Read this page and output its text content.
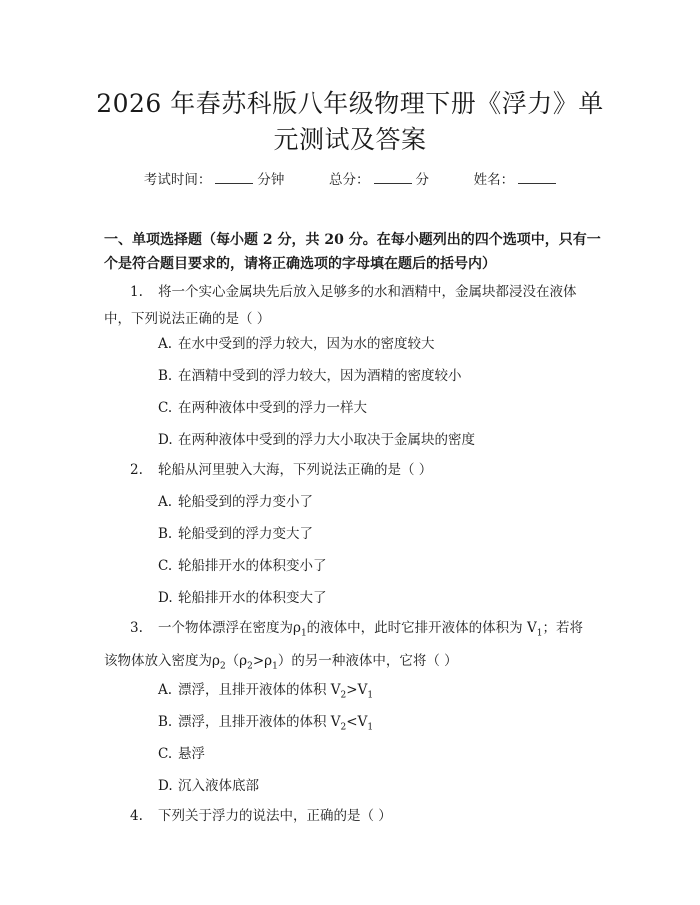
2026 年春苏科版八年级物理下册《浮力》单
元测试及答案
考试时间：	分钟	总分：	分	姓名：
一、单项选择题（每小题 2 分，共 20 分。在每小题列出的四个选项中，只有一个是符合题目要求的，请将正确选项的字母填在题后的括号内）
1. 将一个实心金属块先后放入足够多的水和酒精中，金属块都浸没在液体
中，下列说法正确的是（ ）
A. 在水中受到的浮力较大，因为水的密度较大
B. 在酒精中受到的浮力较大，因为酒精的密度较小
C. 在两种液体中受到的浮力一样大
D. 在两种液体中受到的浮力大小取决于金属块的密度
2. 轮船从河里驶入大海，下列说法正确的是（ ）
A. 轮船受到的浮力变小了
B. 轮船受到的浮力变大了
C. 轮船排开水的体积变小了
D. 轮船排开水的体积变大了
3. 一个物体漂浮在密度为$\rho_1$的液体中，此时它排开液体的体积为 $V_1$；若将
该物体放入密度为$\rho_2(\rho_2>\rho_1)$的另一种液体中，它将（ ）
A. 漂浮，且排开液体的体积 $V_2>V_1$
B. 漂浮，且排开液体的体积 $V_2<V_1$
C. 悬浮
D. 沉入液体底部
4. 下列关于浮力的说法中，正确的是（ ）
